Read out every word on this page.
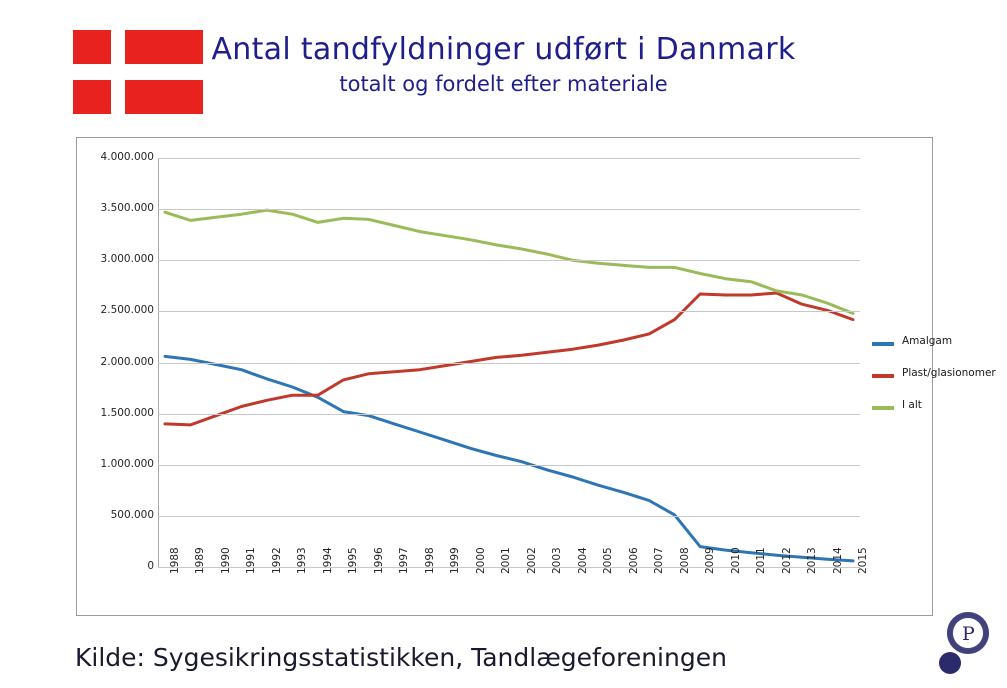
Antal tandfyldninger udført i Danmark
totalt og fordelt efter materiale
4.000.000
3.500.000
3.000.000
2.500.000
2.000.000
1.500.000
1.000.000
500.000
0 1988 1989 1990 1991 1992 1993 1994 1995 1996 1997 1998 1999 2000 2001 2002 2003 2004 2005 2006 2007 2008 2009 2010 2011 2012 2013 2014 2015
Amalgam
Plast/glasionomer
I alt
Kilde: Sygesikringsstatistikken, Tandlægeforeningen
P
